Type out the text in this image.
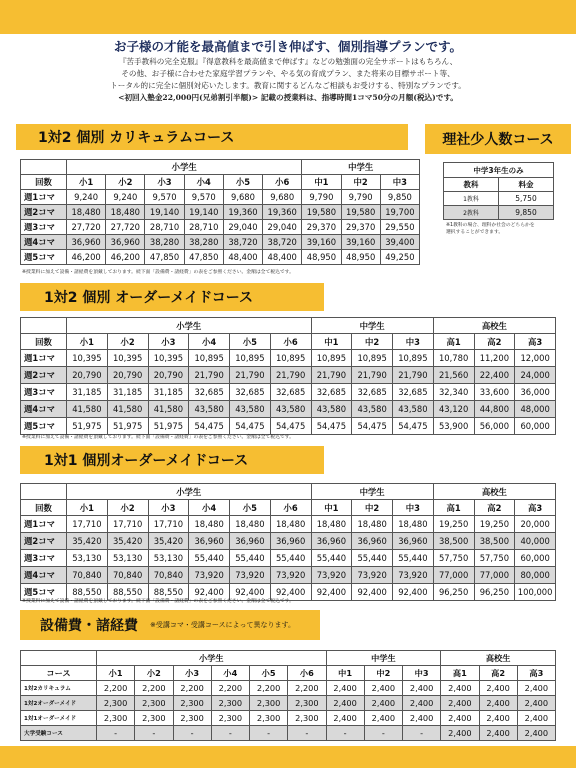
お子様の才能を最高値まで引き伸ばす、個別指導プランです。
『苦手教科の完全克服』『得意教科を最高値まで伸ばす』などの勉強面の完全サポートはもちろん、
その他、お子様に合わせた家庭学習プランや、やる気の育成プラン、また将来の目標サポート等、
トータル的に完全に個別対応いたします。教育に関するどんなご相談もお受けする、特別なプランです。
<初回入塾金22,000円(兄弟割引半額)> 記載の授業料は、指導時間1コマ50分の月額(税込)です。
1対2 個別 カリキュラムコース
	小学生						中学生		
回数	小1	小2	小3	小4	小5	小6	中1	中2	中3
週1コマ	9,240	9,240	9,570	9,570	9,680	9,680	9,790	9,790	9,850
週2コマ	18,480	18,480	19,140	19,140	19,360	19,360	19,580	19,580	19,700
週3コマ	27,720	27,720	28,710	28,710	29,040	29,040	29,370	29,370	29,550
週4コマ	36,960	36,960	38,280	38,280	38,720	38,720	39,160	39,160	39,400
週5コマ	46,200	46,200	47,850	47,850	48,400	48,400	48,950	48,950	49,250
※授業料に加えて設備・諸経費を頂戴しております。続下面「設備費・諸経費」の表をご参照ください。金額は全て税込です。
理社少人数コース
中学3年生のみ	
教科	料金
1教科	5,750
2教科	9,850
※1教科の場合、理科か社会のどちらかを
選択することができます。
1対2 個別 オーダーメイドコース
	小学生						中学生			高校生		
回数	小1	小2	小3	小4	小5	小6	中1	中2	中3	高1	高2	高3
週1コマ	10,395	10,395	10,395	10,895	10,895	10,895	10,895	10,895	10,895	10,780	11,200	12,000
週2コマ	20,790	20,790	20,790	21,790	21,790	21,790	21,790	21,790	21,790	21,560	22,400	24,000
週3コマ	31,185	31,185	31,185	32,685	32,685	32,685	32,685	32,685	32,685	32,340	33,600	36,000
週4コマ	41,580	41,580	41,580	43,580	43,580	43,580	43,580	43,580	43,580	43,120	44,800	48,000
週5コマ	51,975	51,975	51,975	54,475	54,475	54,475	54,475	54,475	54,475	53,900	56,000	60,000
※授業料に加えて設備・諸経費を頂戴しております。続下面「設備費・諸経費」の表をご参照ください。金額は全て税込です。
1対1 個別オーダーメイドコース
	小学生						中学生			高校生		
回数	小1	小2	小3	小4	小5	小6	中1	中2	中3	高1	高2	高3
週1コマ	17,710	17,710	17,710	18,480	18,480	18,480	18,480	18,480	18,480	19,250	19,250	20,000
週2コマ	35,420	35,420	35,420	36,960	36,960	36,960	36,960	36,960	36,960	38,500	38,500	40,000
週3コマ	53,130	53,130	53,130	55,440	55,440	55,440	55,440	55,440	55,440	57,750	57,750	60,000
週4コマ	70,840	70,840	70,840	73,920	73,920	73,920	73,920	73,920	73,920	77,000	77,000	80,000
週5コマ	88,550	88,550	88,550	92,400	92,400	92,400	92,400	92,400	92,400	96,250	96,250	100,000
※授業料に加えて設備・諸経費を頂戴しております。続下面「設備費・諸経費」の表をご参照ください。金額は全て税込です。
設備費・諸経費 ※受講コマ・受講コースによって異なります。
	小学生						中学生			高校生		
コース	小1	小2	小3	小4	小5	小6	中1	中2	中3	高1	高2	高3
1対2カリキュラム	2,200	2,200	2,200	2,200	2,200	2,200	2,400	2,400	2,400	2,400	2,400	2,400
1対2オーダーメイド	2,300	2,300	2,300	2,300	2,300	2,300	2,400	2,400	2,400	2,400	2,400	2,400
1対1オーダーメイド	2,300	2,300	2,300	2,300	2,300	2,300	2,400	2,400	2,400	2,400	2,400	2,400
大学受験コース	-	-	-	-	-	-	-	-	-	2,400	2,400	2,400
